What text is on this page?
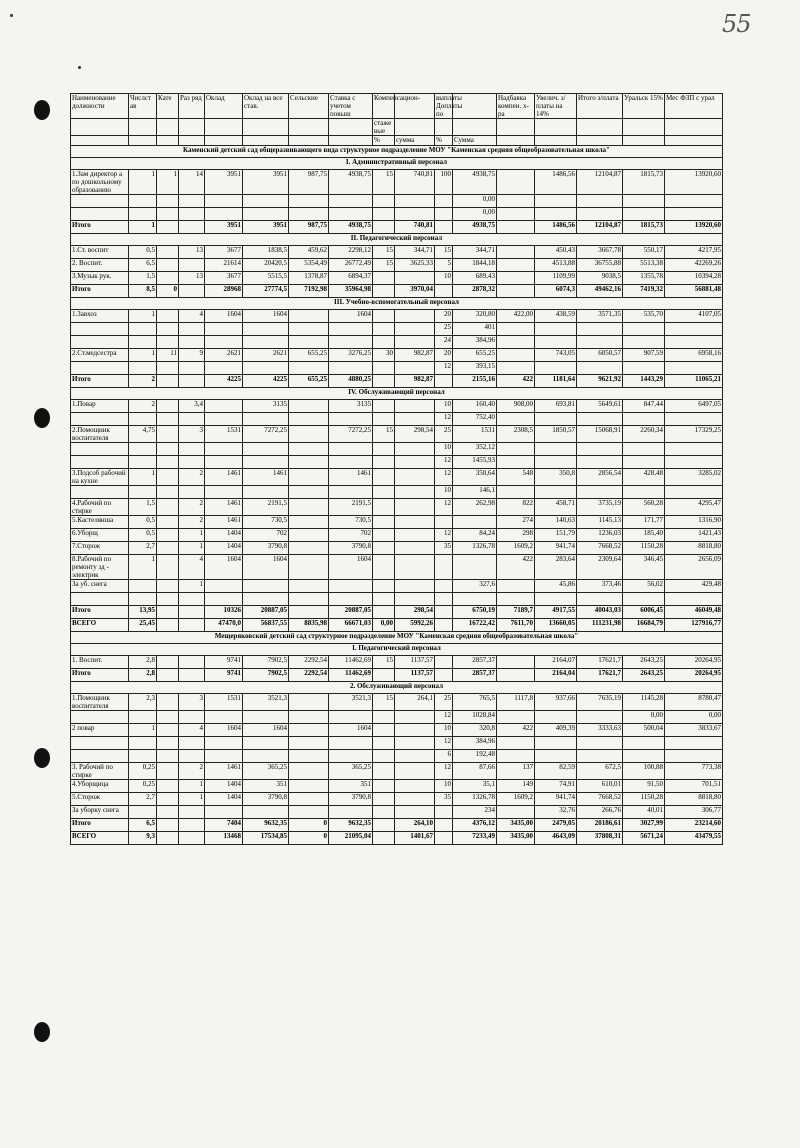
55
Наименование должности	Числст ав	Кате	Раз ряд	Оклад	Оклад на все став.	Сельские	Ставка с учетом повыш	Компенсацион-		выплаты Доплаты по		Надбавка компен. х-ра	Увелич. з/платы на 14%	Итого з/плата	Уральск 15%	Мес ФЗП с урал
								стаже вые								
								%	сумма	%	Сумма					
Каменский детский сад общеразвивающего вида структурное подразделение МОУ "Каменская средняя общеобразовательная школа"																
I. Административный персонал																
1.Зам директор а по дошкольному образованию	1	1	14	3951	3951	987,75	4938,75	15	740,81	100	4938,75		1486,56	12104,87	1815,73	13920,60
											0,00					
											0,00					
Итого	1			3951	3951	987,75	4938,75		740,81		4938,75		1486,56	12104,87	1815,73	13920,60
II. Педагогический персонал																
1.Ст. воспит	0,5		13	3677	1838,5	459,62	2298,12	15	344,71	15	344,71		450,43	3667,78	550,17	4217,95
2. Воспит.	6,5			21614	20420,5	5354,49	26772,49	15	3625,33	5	1844,18		4513,88	36755,88	5513,38	42269,26
3.Музык рук.	1,5		13	3677	5515,5	1378,87	6894,37			10	689,43		1109,99	9038,5	1355,78	10394,28
Итого	8,5	0		28968	27774,5	7192,98	35964,98		3970,04		2878,32		6074,3	49462,16	7419,32	56881,48
III. Учебно-вспомогательный персонал																
1.Завхоз	1		4	1604	1604		1604			20	320,80	422,00	438,59	3571,35	535,70	4107,05
										25	401					
										24	384,96					
2.Ст.медсестра	1	11	9	2621	2621	655,25	3276,25	30	982,87	20	655,25		743,05	6050,57	907,59	6958,16
										12	393,15					
Итого	2			4225	4225	655,25	4880,25		982,87		2155,16	422	1181,64	9621,92	1443,29	11065,21
IV. Обслуживающий персонал																
1.Повар	2		3,4		3135		3135			10	160,40	908,00	693,81	5649,61	847,44	6497,05
										12	752,40					
2.Помощник воспитателя	4,75		3	1531	7272,25		7272,25	15	298,54	25	1531	2308,5	1850,57	15068,91	2260,34	17329,25
										10	352,12					
										12	1455,93					
3.Подсоб рабочий на кухне	1		2	1461	1461		1461			12	350,64	548	350,8	2856,54	428,48	3285,02
										10	146,1					
4.Рабочий по стирке	1,5		2	1461	2191,5		2191,5			12	262,98	822	458,71	3735,19	560,28	4295,47
5.Кастелянша	0,5		2	1461	730,5		730,5					274	140,63	1145,13	171,77	1316,90
6.Уборщ	0,5		1	1404	702		702			12	84,24	298	151,79	1236,03	185,40	1421,43
7.Сторож	2,7		1	1404	3790,8		3790,8			35	1326,78	1609,2	941,74	7668,52	1150,28	8818,80
8.Рабочий по ремонту зд - электрик	1		4	1604	1604		1604					422	283,64	2309,64	346,45	2656,09
За уб. снега			1								327,6		45,86	373,46	56,02	429,48

Итого	13,95			10326	20887,05		20887,05		298,54		6750,19	7189,7	4917,55	40043,03	6006,45	46049,48
ВСЕГО	25,45			47470,0	56837,55	8835,98	66671,03	0,00	5992,26		16722,42	7611,70	13660,05	111231,98	16684,79	127916,77
Мещеряковский детский сад структурное подразделение МОУ "Каменская средняя общеобразовательная школа"																
I. Педагогический персонал																
1. Воспит.	2,8			9741	7902,5	2292,54	11462,69	15	1137,57		2857,37		2164,07	17621,7	2643,25	20264,95
Итого	2,8			9741	7902,5	2292,54	11462,69		1137,57		2857,37		2164,04	17621,7	2643,25	20264,95
2. Обслуживающий персонал																
1.Помощник воспитателя	2,3		3	1531	3521,3		3521,3	15	264,1	25	765,5	1117,8	937,66	7635,19	1145,28	8780,47
										12	1028,84				0,00	0,00
2 повар	1		4	1604	1604		1604			10	320,8	422	409,39	3333,63	500,04	3833,67
										12	384,96					
										6	192,48					
3. Рабочий по стирке	0,25		2	1461	365,25		365,25			12	87,66	137	82,59	672,5	100,88	773,38
4.Уборщица	0,25		1	1404	351		351			10	35,1	149	74,91	610,01	91,50	701,51
5.Сторож	2,7		1	1404	3790,8		3790,8			35	1326,78	1609,2	941,74	7668,52	1150,28	8818,80
За уборку снега											234		32,76	266,76	40,01	306,77
Итого	6,5			7404	9632,35	0	9632,35		264,10		4376,12	3435,00	2479,05	20186,61	3027,99	23214,60
ВСЕГО	9,3			13468	17534,85	0	21095,04		1401,67		7233,49	3435,00	4643,09	37808,31	5671,24	43479,55
